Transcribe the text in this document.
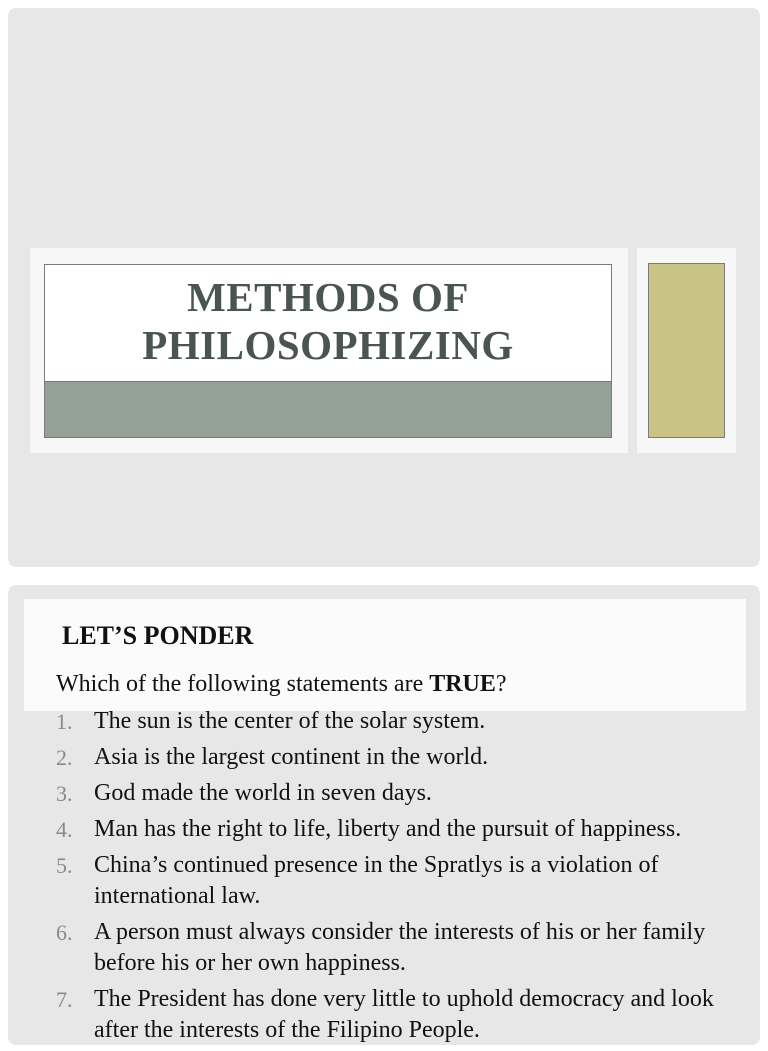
METHODS OF
PHILOSOPHIZING
LET’S PONDER
Which of the following statements are TRUE?
1. The sun is the center of the solar system.
2. Asia is the largest continent in the world.
3. God made the world in seven days.
4. Man has the right to life, liberty and the pursuit of happiness.
5. China’s continued presence in the Spratlys is a violation of international law.
6. A person must always consider the interests of his or her family before his or her own happiness.
7. The President has done very little to uphold democracy and look after the interests of the Filipino People.
